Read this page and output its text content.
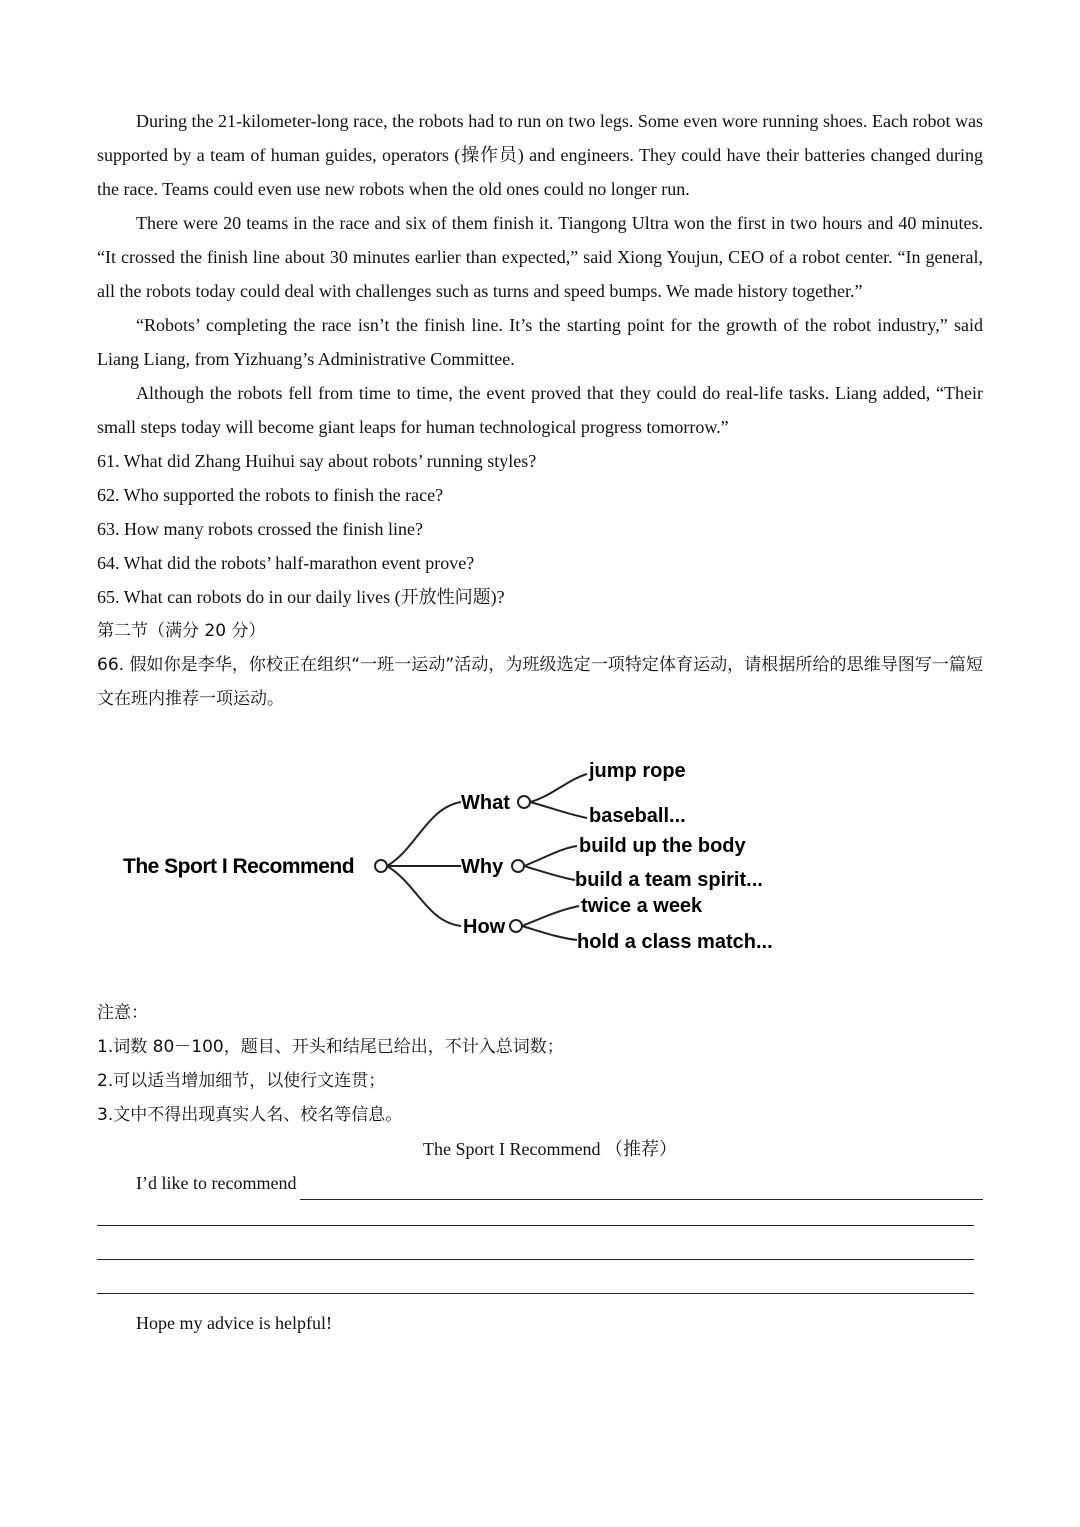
During the 21-kilometer-long race, the robots had to run on two legs. Some even wore running shoes. Each robot was supported by a team of human guides, operators (操作员) and engineers. They could have their batteries changed during the race. Teams could even use new robots when the old ones could no longer run.

There were 20 teams in the race and six of them finish it. Tiangong Ultra won the first in two hours and 40 minutes. “It crossed the finish line about 30 minutes earlier than expected,” said Xiong Youjun, CEO of a robot center. “In general, all the robots today could deal with challenges such as turns and speed bumps. We made history together.”

“Robots’ completing the race isn’t the finish line. It’s the starting point for the growth of the robot industry,” said Liang Liang, from Yizhuang’s Administrative Committee.

Although the robots fell from time to time, the event proved that they could do real-life tasks. Liang added, “Their small steps today will become giant leaps for human technological progress tomorrow.”

61. What did Zhang Huihui say about robots’ running styles?

62. Who supported the robots to finish the race?

63. How many robots crossed the finish line?

64. What did the robots’ half-marathon event prove?

65. What can robots do in our daily lives (开放性问题)?

第二节（满分 20 分）

66. 假如你是李华，你校正在组织“一班一运动”活动，为班级选定一项特定体育运动，请根据所给的思维导图写一篇短文在班内推荐一项运动。

The Sport I Recommend
What
jump rope
baseball...
Why
build up the body
build a team spirit...
How
twice a week
hold a class match...

注意：

1.词数 80－100，题目、开头和结尾已给出，不计入总词数；

2.可以适当增加细节，以使行文连贯；

3.文中不得出现真实人名、校名等信息。

The Sport I Recommend （推荐）

I’d like to recommend
Hope my advice is helpful!
